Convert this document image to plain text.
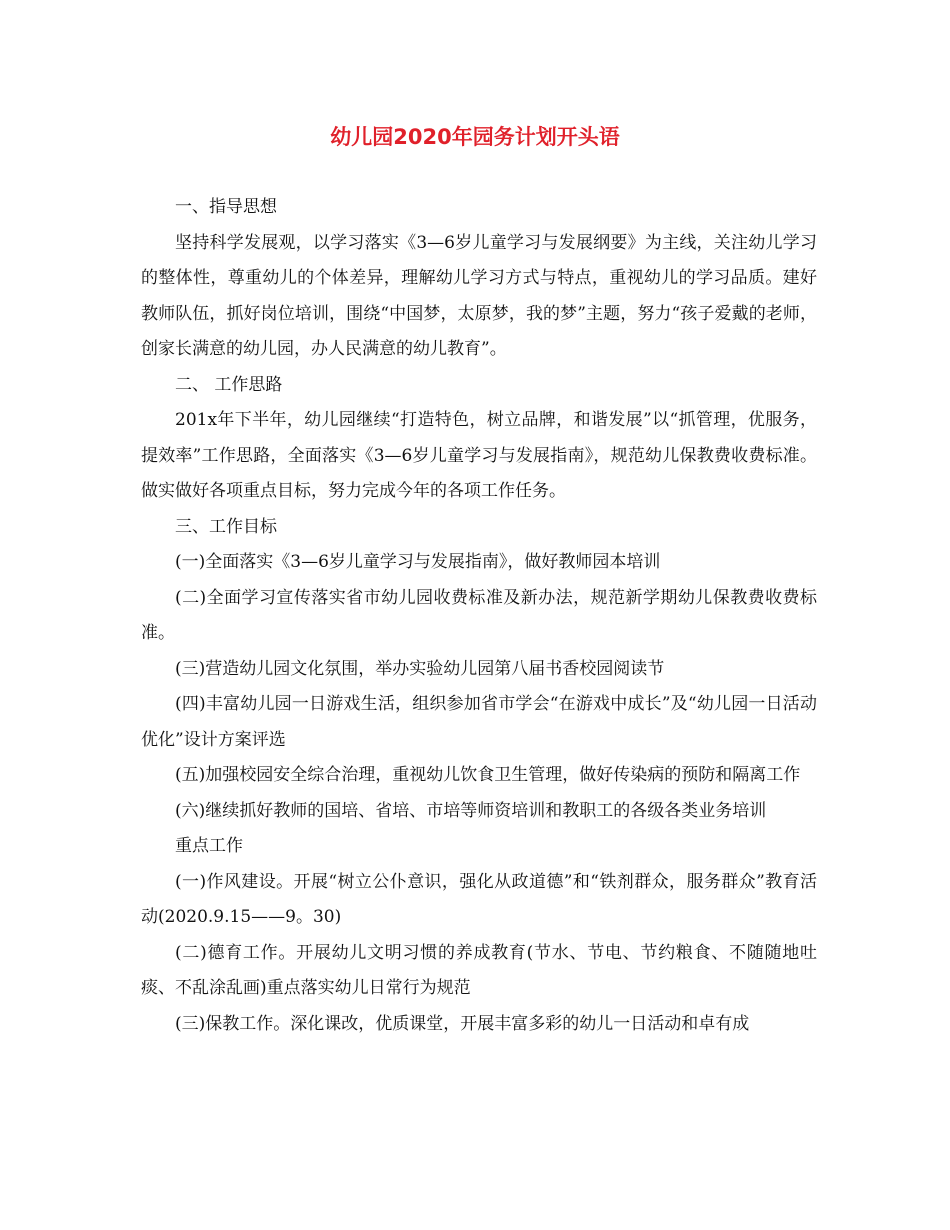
幼儿园2020年园务计划开头语

一、指导思想

坚持科学发展观，以学习落实《3—6岁儿童学习与发展纲要》为主线，关注幼儿学习的整体性，尊重幼儿的个体差异，理解幼儿学习方式与特点，重视幼儿的学习品质。建好教师队伍，抓好岗位培训，围绕“中国梦，太原梦，我的梦”主题，努力“孩子爱戴的老师，创家长满意的幼儿园，办人民满意的幼儿教育”。

二、 工作思路

201x年下半年，幼儿园继续“打造特色，树立品牌，和谐发展”以“抓管理，优服务，提效率”工作思路，全面落实《3—6岁儿童学习与发展指南》，规范幼儿保教费收费标准。做实做好各项重点目标，努力完成今年的各项工作任务。

三、工作目标

(一)全面落实《3—6岁儿童学习与发展指南》，做好教师园本培训

(二)全面学习宣传落实省市幼儿园收费标准及新办法，规范新学期幼儿保教费收费标准。

(三)营造幼儿园文化氛围，举办实验幼儿园第八届书香校园阅读节

(四)丰富幼儿园一日游戏生活，组织参加省市学会“在游戏中成长”及“幼儿园一日活动优化”设计方案评选

(五)加强校园安全综合治理，重视幼儿饮食卫生管理，做好传染病的预防和隔离工作

(六)继续抓好教师的国培、省培、市培等师资培训和教职工的各级各类业务培训

重点工作

(一)作风建设。开展“树立公仆意识，强化从政道德”和“铁剂群众，服务群众”教育活动(2020.9.15——9。30)

(二)德育工作。开展幼儿文明习惯的养成教育(节水、节电、节约粮食、不随随地吐痰、不乱涂乱画)重点落实幼儿日常行为规范

(三)保教工作。深化课改，优质课堂，开展丰富多彩的幼儿一日活动和卓有成
